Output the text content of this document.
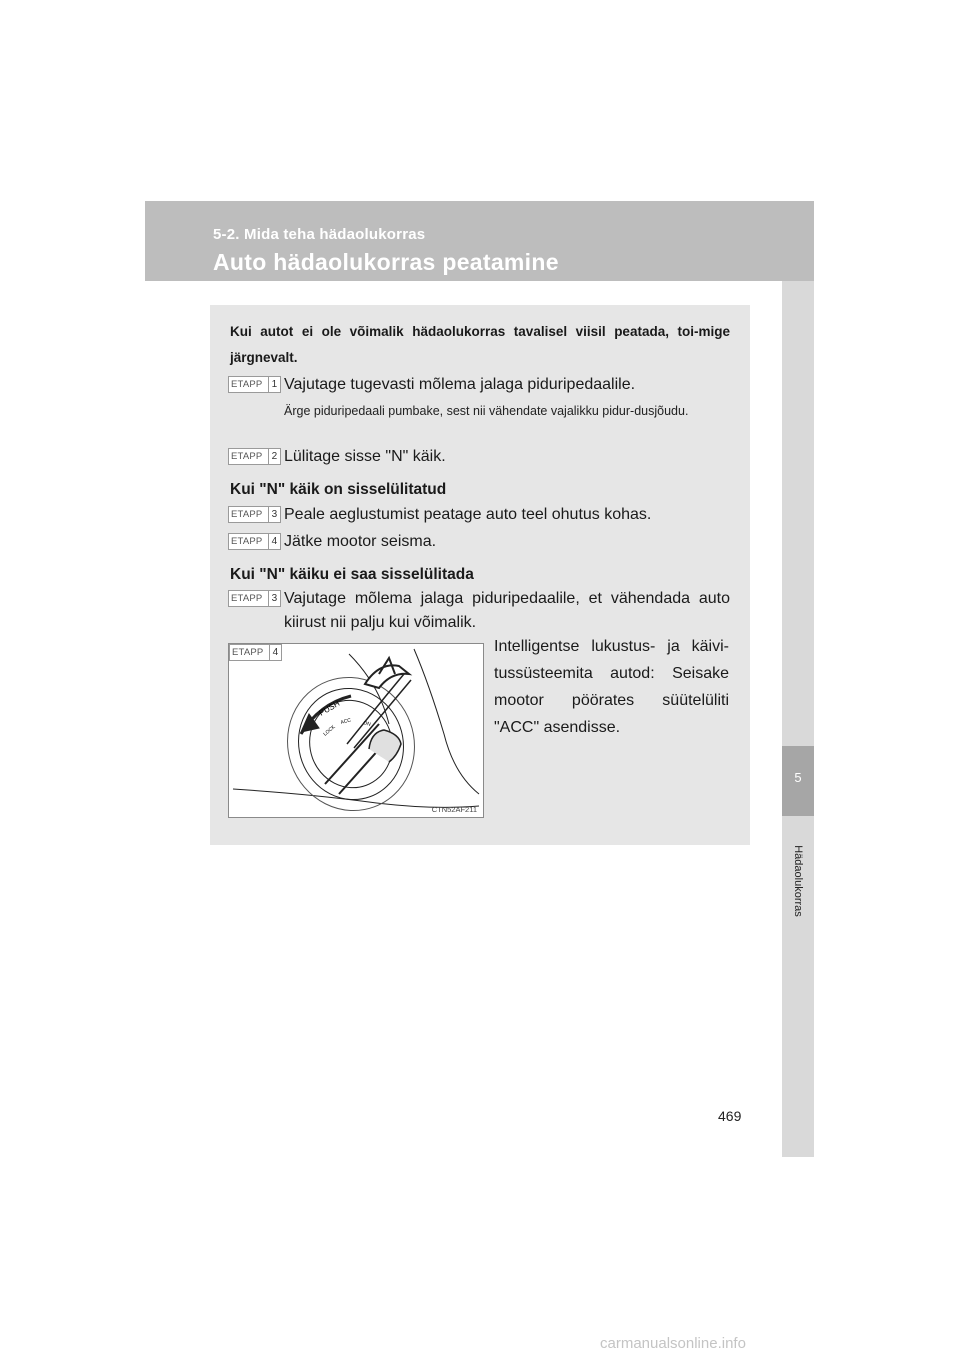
5-2. Mida teha hädaolukorras
Auto hädaolukorras peatamine
5
Hädaolukorras
Kui autot ei ole võimalik hädaolukorras tavalisel viisil peatada, toi-mige järgnevalt.
ETAPP 1 Vajutage tugevasti mõlema jalaga piduripedaalile.
Ärge piduripedaali pumbake, sest nii vähendate vajalikku pidur-dusjõudu.
ETAPP 2 Lülitage sisse "N" käik.
Kui "N" käik on sisselülitatud
ETAPP 3 Peale aeglustumist peatage auto teel ohutus kohas.
ETAPP 4 Jätke mootor seisma.
Kui "N" käiku ei saa sisselülitada
ETAPP 3 Vajutage mõlema jalaga piduripedaalile, et vähendada auto kiirust nii palju kui võimalik.
ETAPP 4
PUSH
LOCK
ACC ON
CTN52AF211
Intelligentse lukustus- ja käivi-tussüsteemita autod: Seisake mootor pöörates süütelüliti "ACC" asendisse.
469
carmanualsonline.info
